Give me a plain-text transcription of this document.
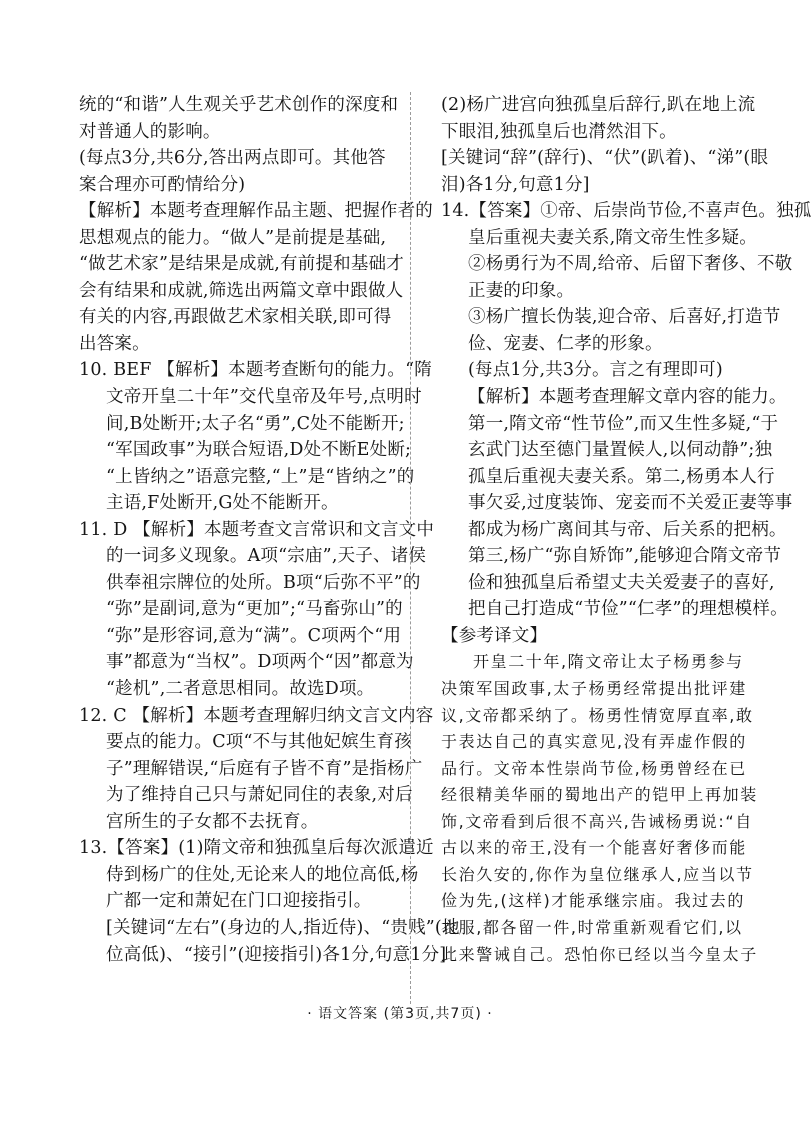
统的“和谐”人生观关乎艺术创作的深度和
对普通人的影响。
(每点3分,共6分,答出两点即可。其他答
案合理亦可酌情给分)
【解析】本题考查理解作品主题、把握作者的
思想观点的能力。“做人”是前提是基础,
“做艺术家”是结果是成就,有前提和基础才
会有结果和成就,筛选出两篇文章中跟做人
有关的内容,再跟做艺术家相关联,即可得
出答案。
10. BEF 【解析】本题考查断句的能力。“隋
文帝开皇二十年”交代皇帝及年号,点明时
间,B处断开;太子名“勇”,C处不能断开;
“军国政事”为联合短语,D处不断E处断;
“上皆纳之”语意完整,“上”是“皆纳之”的
主语,F处断开,G处不能断开。
11. D 【解析】本题考查文言常识和文言文中
的一词多义现象。A项“宗庙”,天子、诸侯
供奉祖宗牌位的处所。B项“后弥不平”的
“弥”是副词,意为“更加”;“马畜弥山”的
“弥”是形容词,意为“满”。C项两个“用
事”都意为“当权”。D项两个“因”都意为
“趁机”,二者意思相同。故选D项。
12. C 【解析】本题考查理解归纳文言文内容
要点的能力。C项“不与其他妃嫔生育孩
子”理解错误,“后庭有子皆不育”是指杨广
为了维持自己只与萧妃同住的表象,对后
宫所生的子女都不去抚育。
13.【答案】(1)隋文帝和独孤皇后每次派遣近
侍到杨广的住处,无论来人的地位高低,杨
广都一定和萧妃在门口迎接指引。
[关键词“左右”(身边的人,指近侍)、“贵贱”(地
位高低)、“接引”(迎接指引)各1分,句意1分]
(2)杨广进宫向独孤皇后辞行,趴在地上流
下眼泪,独孤皇后也潸然泪下。
[关键词“辞”(辞行)、“伏”(趴着)、“涕”(眼
泪)各1分,句意1分]
14.【答案】①帝、后崇尚节俭,不喜声色。独孤
皇后重视夫妻关系,隋文帝生性多疑。
②杨勇行为不周,给帝、后留下奢侈、不敬
正妻的印象。
③杨广擅长伪装,迎合帝、后喜好,打造节
俭、宠妻、仁孝的形象。
(每点1分,共3分。言之有理即可)
【解析】本题考查理解文章内容的能力。
第一,隋文帝“性节俭”,而又生性多疑,“于
玄武门达至德门量置候人,以伺动静”;独
孤皇后重视夫妻关系。第二,杨勇本人行
事欠妥,过度装饰、宠妾而不关爱正妻等事
都成为杨广离间其与帝、后关系的把柄。
第三,杨广“弥自矫饰”,能够迎合隋文帝节
俭和独孤皇后希望丈夫关爱妻子的喜好,
把自己打造成“节俭”“仁孝”的理想模样。
【参考译文】
开皇二十年,隋文帝让太子杨勇参与
决策军国政事,太子杨勇经常提出批评建
议,文帝都采纳了。杨勇性情宽厚直率,敢
于表达自己的真实意见,没有弄虚作假的
品行。文帝本性崇尚节俭,杨勇曾经在已
经很精美华丽的蜀地出产的铠甲上再加装
饰,文帝看到后很不高兴,告诫杨勇说:“自
古以来的帝王,没有一个能喜好奢侈而能
长治久安的,你作为皇位继承人,应当以节
俭为先,(这样)才能承继宗庙。我过去的
衣服,都各留一件,时常重新观看它们,以
此来警诫自己。恐怕你已经以当今皇太子
· 语文答案 (第3页,共7页) ·
